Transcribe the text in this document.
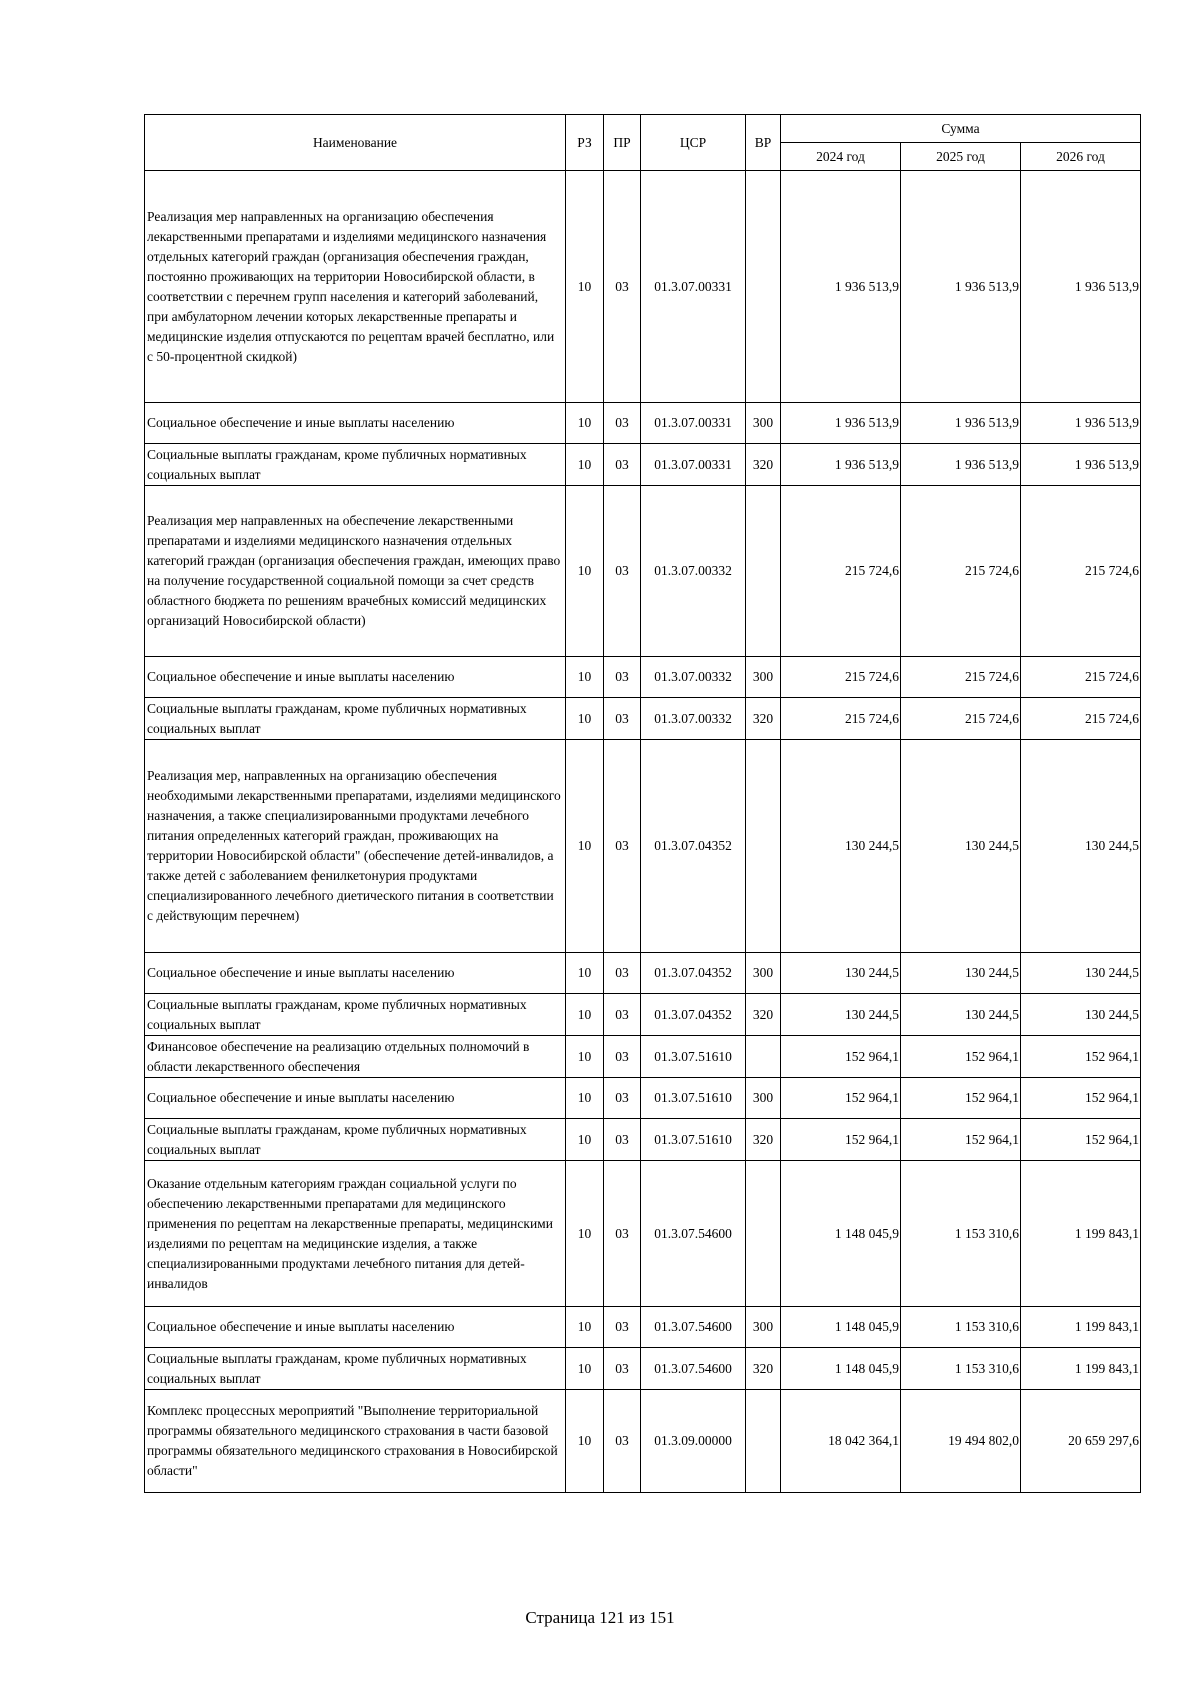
Наименование	РЗ	ПР	ЦСР	ВР	Сумма		
					2024 год	2025 год	2026 год
Реализация мер направленных на организацию обеспечения лекарственными препаратами и изделиями медицинского назначения отдельных категорий граждан (организация обеспечения граждан, постоянно проживающих на территории Новосибирской области, в соответствии с перечнем групп населения и категорий заболеваний, при амбулаторном лечении которых лекарственные препараты и медицинские изделия отпускаются по рецептам врачей бесплатно, или с 50-процентной скидкой)	10	03	01.3.07.00331		1 936 513,9	1 936 513,9	1 936 513,9
Социальное обеспечение и иные выплаты населению	10	03	01.3.07.00331	300	1 936 513,9	1 936 513,9	1 936 513,9
Социальные выплаты гражданам, кроме публичных нормативных социальных выплат	10	03	01.3.07.00331	320	1 936 513,9	1 936 513,9	1 936 513,9
Реализация мер направленных на обеспечение лекарственными препаратами и изделиями медицинского назначения отдельных категорий граждан (организация обеспечения граждан, имеющих право на получение государственной социальной помощи за счет средств областного бюджета по решениям врачебных комиссий медицинских организаций Новосибирской области)	10	03	01.3.07.00332		215 724,6	215 724,6	215 724,6
Социальное обеспечение и иные выплаты населению	10	03	01.3.07.00332	300	215 724,6	215 724,6	215 724,6
Социальные выплаты гражданам, кроме публичных нормативных социальных выплат	10	03	01.3.07.00332	320	215 724,6	215 724,6	215 724,6
Реализация мер, направленных на организацию обеспечения необходимыми лекарственными препаратами, изделиями медицинского назначения, а также специализированными продуктами лечебного питания определенных категорий граждан, проживающих на территории Новосибирской области" (обеспечение детей-инвалидов, а также детей с заболеванием фенилкетонурия продуктами специализированного лечебного диетического питания в соответствии с действующим перечнем)	10	03	01.3.07.04352		130 244,5	130 244,5	130 244,5
Социальное обеспечение и иные выплаты населению	10	03	01.3.07.04352	300	130 244,5	130 244,5	130 244,5
Социальные выплаты гражданам, кроме публичных нормативных социальных выплат	10	03	01.3.07.04352	320	130 244,5	130 244,5	130 244,5
Финансовое обеспечение на реализацию отдельных полномочий в области лекарственного обеспечения	10	03	01.3.07.51610		152 964,1	152 964,1	152 964,1
Социальное обеспечение и иные выплаты населению	10	03	01.3.07.51610	300	152 964,1	152 964,1	152 964,1
Социальные выплаты гражданам, кроме публичных нормативных социальных выплат	10	03	01.3.07.51610	320	152 964,1	152 964,1	152 964,1
Оказание отдельным категориям граждан социальной услуги по обеспечению лекарственными препаратами для медицинского применения по рецептам на лекарственные препараты, медицинскими изделиями по рецептам на медицинские изделия, а также специализированными продуктами лечебного питания для детей-инвалидов	10	03	01.3.07.54600		1 148 045,9	1 153 310,6	1 199 843,1
Социальное обеспечение и иные выплаты населению	10	03	01.3.07.54600	300	1 148 045,9	1 153 310,6	1 199 843,1
Социальные выплаты гражданам, кроме публичных нормативных социальных выплат	10	03	01.3.07.54600	320	1 148 045,9	1 153 310,6	1 199 843,1
Комплекс процессных мероприятий "Выполнение территориальной программы обязательного медицинского страхования в части базовой программы обязательного медицинского страхования в Новосибирской области"	10	03	01.3.09.00000		18 042 364,1	19 494 802,0	20 659 297,6
Страница 121 из 151
